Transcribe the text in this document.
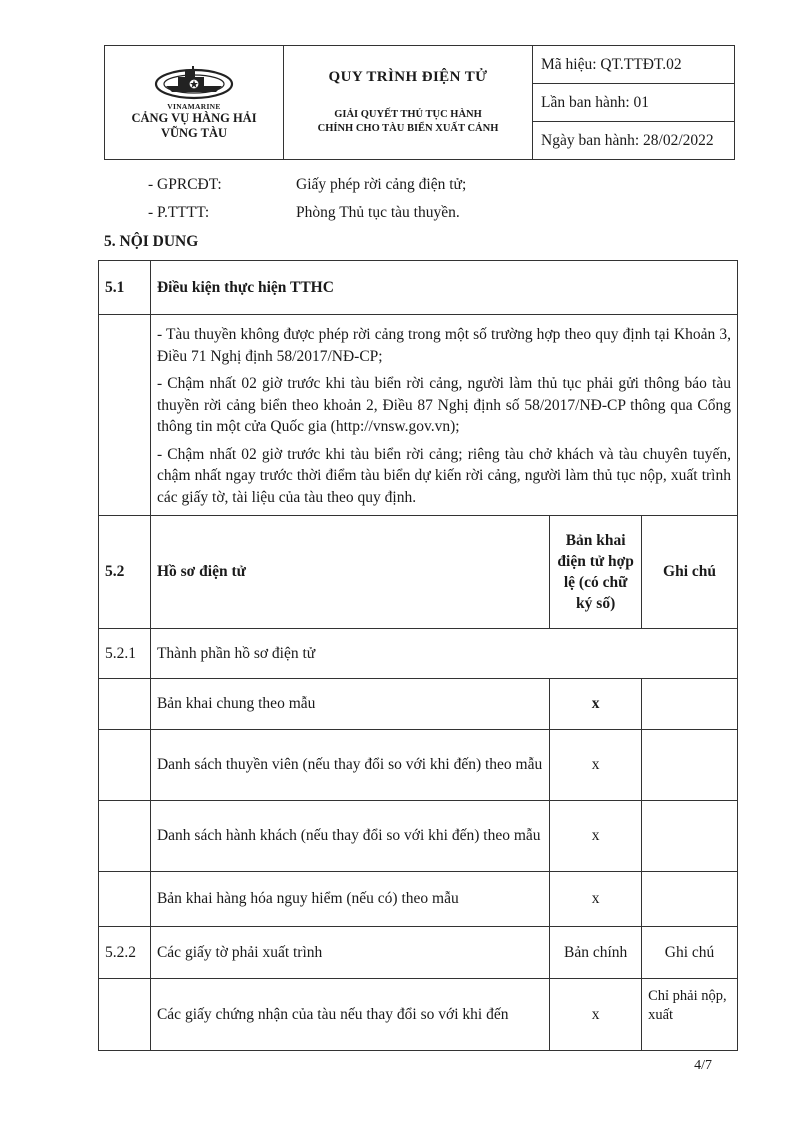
VINAMARINE
CẢNG VỤ HÀNG HẢI
VŨNG TÀU

QUY TRÌNH ĐIỆN TỬ
GIẢI QUYẾT THỦ TỤC HÀNH
CHÍNH CHO TÀU BIỂN XUẤT CẢNH
	Mã hiệu: QT.TTĐT.02
Lần ban hành: 01
Ngày ban hành: 28/02/2022
- GPRCĐT:	Giấy phép rời cảng điện tử;
- P.TTTT:	Phòng Thủ tục tàu thuyền.
5. NỘI DUNG
5.1	Điều kiện thực hiện TTHC		

	- Tàu thuyền không được phép rời cảng trong một số trường hợp theo quy định tại Khoản 3, Điều 71 Nghị định 58/2017/NĐ-CP;
- Chậm nhất 02 giờ trước khi tàu biển rời cảng, người làm thủ tục phải gửi thông báo tàu thuyền rời cảng biển theo khoản 2, Điều 87 Nghị định số 58/2017/NĐ-CP thông qua Cổng thông tin một cửa Quốc gia (http://vnsw.gov.vn);
- Chậm nhất 02 giờ trước khi tàu biển rời cảng; riêng tàu chở khách và tàu chuyên tuyến, chậm nhất ngay trước thời điểm tàu biển dự kiến rời cảng, người làm thủ tục nộp, xuất trình các giấy tờ, tài liệu của tàu theo quy định.		

5.2	Hồ sơ điện tử	Bản khai điện tử hợp lệ (có chữ ký số)	Ghi chú
5.2.1	Thành phần hồ sơ điện tử		
	Bản khai chung theo mẫu	x	
	Danh sách thuyền viên (nếu thay đổi so với khi đến) theo mẫu	x	
	Danh sách hành khách (nếu thay đổi so với khi đến) theo mẫu	x	
	Bản khai hàng hóa nguy hiểm (nếu có) theo mẫu	x	
5.2.2	Các giấy tờ phải xuất trình	Bản chính	Ghi chú
	Các giấy chứng nhận của tàu nếu thay đổi so với khi đến	x	Chỉ phải nộp, xuất
4/7
